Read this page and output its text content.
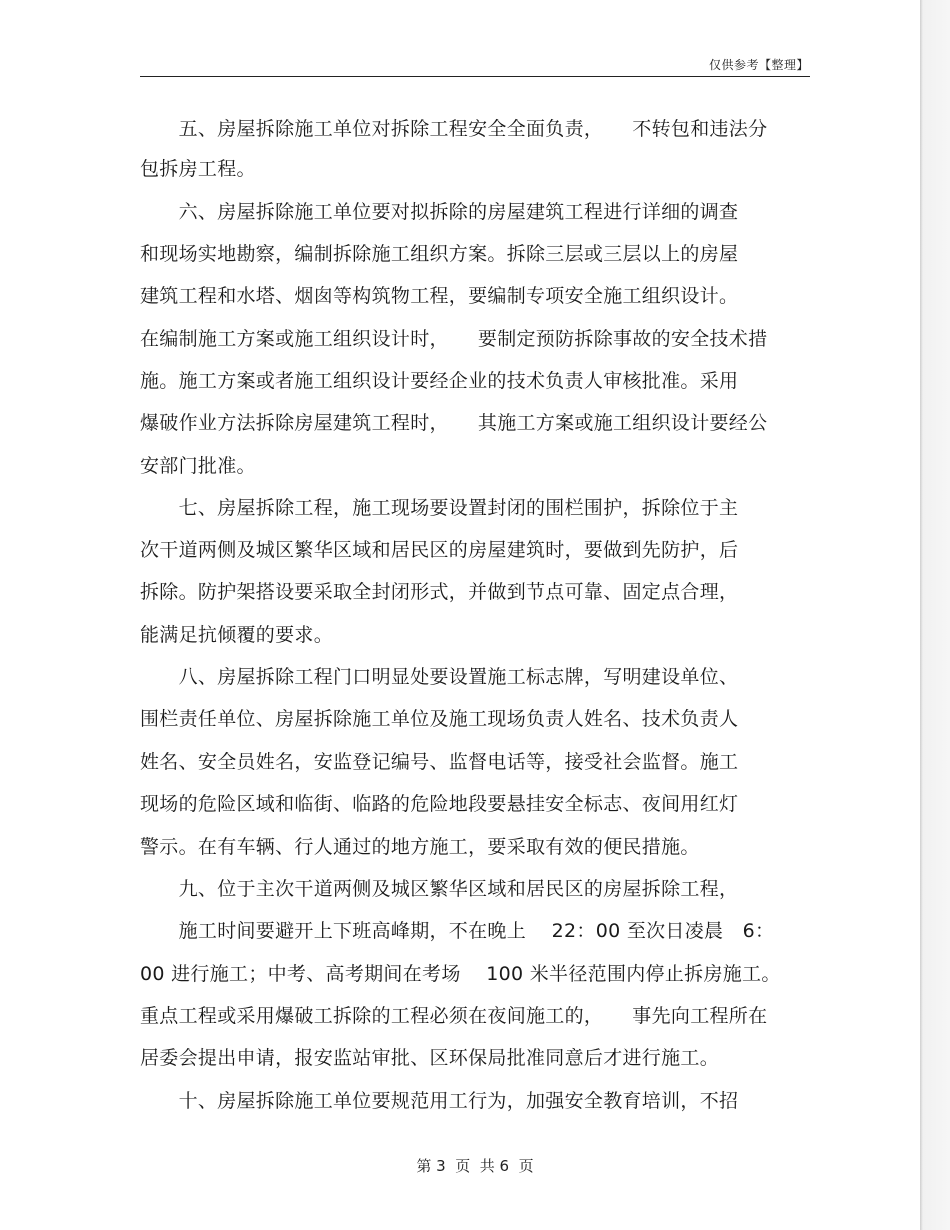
仅供参考【整理】
　　五、房屋拆除施工单位对拆除工程安全全面负责，　　不转包和违法分
包拆房工程。
　　六、房屋拆除施工单位要对拟拆除的房屋建筑工程进行详细的调查
和现场实地勘察，编制拆除施工组织方案。拆除三层或三层以上的房屋
建筑工程和水塔、烟囱等构筑物工程，要编制专项安全施工组织设计。
在编制施工方案或施工组织设计时，　　要制定预防拆除事故的安全技术措
施。施工方案或者施工组织设计要经企业的技术负责人审核批准。采用
爆破作业方法拆除房屋建筑工程时，　　其施工方案或施工组织设计要经公
安部门批准。
　　七、房屋拆除工程，施工现场要设置封闭的围栏围护，拆除位于主
次干道两侧及城区繁华区域和居民区的房屋建筑时，要做到先防护，后
拆除。防护架搭设要采取全封闭形式，并做到节点可靠、固定点合理，
能满足抗倾覆的要求。
　　八、房屋拆除工程门口明显处要设置施工标志牌，写明建设单位、
围栏责任单位、房屋拆除施工单位及施工现场负责人姓名、技术负责人
姓名、安全员姓名，安监登记编号、监督电话等，接受社会监督。施工
现场的危险区域和临街、临路的危险地段要悬挂安全标志、夜间用红灯
警示。在有车辆、行人通过的地方施工，要采取有效的便民措施。
　　九、位于主次干道两侧及城区繁华区域和居民区的房屋拆除工程，
　　施工时间要避开上下班高峰期，不在晚上　 22：00 至次日凌晨　6：
00 进行施工；中考、高考期间在考场　 100 米半径范围内停止拆房施工。
重点工程或采用爆破工拆除的工程必须在夜间施工的，　　事先向工程所在
居委会提出申请，报安监站审批、区环保局批准同意后才进行施工。
　　十、房屋拆除施工单位要规范用工行为，加强安全教育培训，不招
第 3  页  共 6  页
